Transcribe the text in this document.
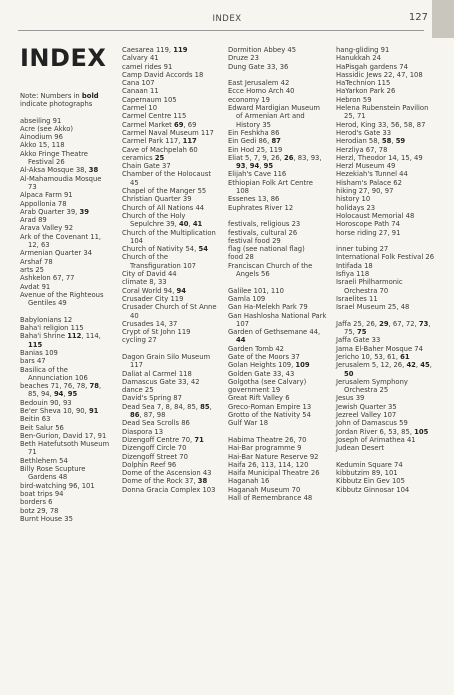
INDEX	127
INDEX
Note: Numbers in bold indicate photographs
abseiling 91
Acre (see Akko)
Ainodium 96
Akko 15, 118
Akko Fringe Theatre Festival 26
Al-Aksa Mosque 38, 38
Al-Mahamoudia Mosque 73
Alpaca Farm 91
Appollonia 78
Arab Quarter 39, 39
Arad 89
Arava Valley 92
Ark of the Covenant 11, 12, 63
Armenian Quarter 34
Arshaf 78
arts 25
Ashkelon 67, 77
Avdat 91
Avenue of the Righteous Gentiles 49
Babylonians 12
Baha'i religion 115
Baha'i Shrine 112, 114, 115
Banias 109
bars 47
Basilica of the Annunciation 106
beaches 71, 76, 78, 78, 85, 94, 94, 95
Bedouin 90, 93
Be'er Sheva 10, 90, 91
Beitin 63
Beit Salur 56
Ben-Gurion, David 17, 91
Beth Hatefutsoth Museum 71
Bethlehem 54
Billy Rose Scupture Gardens 48
bird-watching 96, 101
boat trips 94
borders 6
botz 29, 78
Burnt House 35
Caesarea 119, 119
Calvary 41
camel rides 91
Camp David Accords 18
Cana 107
Canaan 11
Capernaum 105
Carmel 10
Carmel Centre 115
Carmel Market 69, 69
Carmel Naval Museum 117
Carmel Park 117, 117
Cave of Machpelah 60
ceramics 25
Chain Gate 37
Chamber of the Holocaust 45
Chapel of the Manger 55
Christian Quarter 39
Church of All Nations 44
Church of the Holy Sepulchre 39, 40, 41
Church of the Multiplication 104
Church of Nativity 54, 54
Church of the Transfiguration 107
City of David 44
climate 8, 33
Coral World 94, 94
Crusader City 119
Crusader Church of St Anne 40
Crusades 14, 37
Crypt of St John 119
cycling 27
Dagon Grain Silo Museum 117
Daliat al Carmel 118
Damascus Gate 33, 42
dance 25
David's Spring 87
Dead Sea 7, 8, 84, 85, 85, 86, 87, 98
Dead Sea Scrolls 86
Diaspora 13
Dizengoff Centre 70, 71
Dizengoff Circle 70
Dizengoff Street 70
Dolphin Reef 96
Dome of the Ascension 43
Dome of the Rock 37, 38
Donna Gracia Complex 103
Dormition Abbey 45
Druze 23
Dung Gate 33, 36
East Jerusalem 42
Ecce Homo Arch 40
economy 19
Edward Mardigian Museum of Armenian Art and History 35
Ein Feshkha 86
Ein Gedi 86, 87
Ein Hod 25, 119
Eliat 5, 7, 9, 26, 26, 83, 93, 93, 94, 95
Elijah's Cave 116
Ethiopian Folk Art Centre 108
Essenes 13, 86
Euphrates River 12
festivals, religious 23
festivals, cultural 26
festival food 29
flag (see national flag)
food 28
Franciscan Church of the Angels 56
Galilee 101, 110
Gamla 109
Gan Ha-Melekh Park 79
Gan Hashlosha National Park 107
Garden of Gethsemane 44, 44
Garden Tomb 42
Gate of the Moors 37
Golan Heights 109, 109
Golden Gate 33, 43
Golgotha (see Calvary)
government 19
Great Rift Valley 6
Greco-Roman Empire 13
Grotto of the Nativity 54
Gulf War 18
Habima Theatre 26, 70
Hai-Bar programme 9
Hai-Bar Nature Reserve 92
Haifa 26, 113, 114, 120
Haifa Municipal Theatre 26
Haganah 16
Haganah Museum 70
Hall of Remembrance 48
hang-gliding 91
Hanukkah 24
HaPisgah gardens 74
Hassidic Jews 22, 47, 108
HaTechnion 115
HaYarkon Park 26
Hebron 59
Helena Rubenstein Pavilion 25, 71
Herod, King 33, 56, 58, 87
Herod's Gate 33
Herodian 58, 58, 59
Herzliya 67, 78
Herzl, Theodor 14, 15, 49
Herzl Museum 49
Hezekiah's Tunnel 44
Hisham's Palace 62
hiking 27, 90, 97
history 10
holidays 23
Holocaust Memorial 48
Horoscope Path 74
horse riding 27, 91
inner tubing 27
International Folk Festival 26
Intifada 18
Isfiya 118
Israeli Philharmonic Orchestra 70
Israelites 11
Israel Museum 25, 48
Jaffa 25, 26, 29, 67, 72, 73, 75, 75
Jaffa Gate 33
Jama El-Baher Mosque 74
Jericho 10, 53, 61, 61
Jerusalem 5, 12, 26, 42, 45, 50
Jerusalem Symphony Orchestra 25
Jesus 39
Jewish Quarter 35
Jezreel Valley 107
John of Damascus 59
Jordan River 6, 53, 85, 105
Joseph of Arimathea 41
Judean Desert
Kedumin Square 74
kibbutzim 89, 101
Kibbutz Ein Gev 105
Kibbutz Ginnosar 104
